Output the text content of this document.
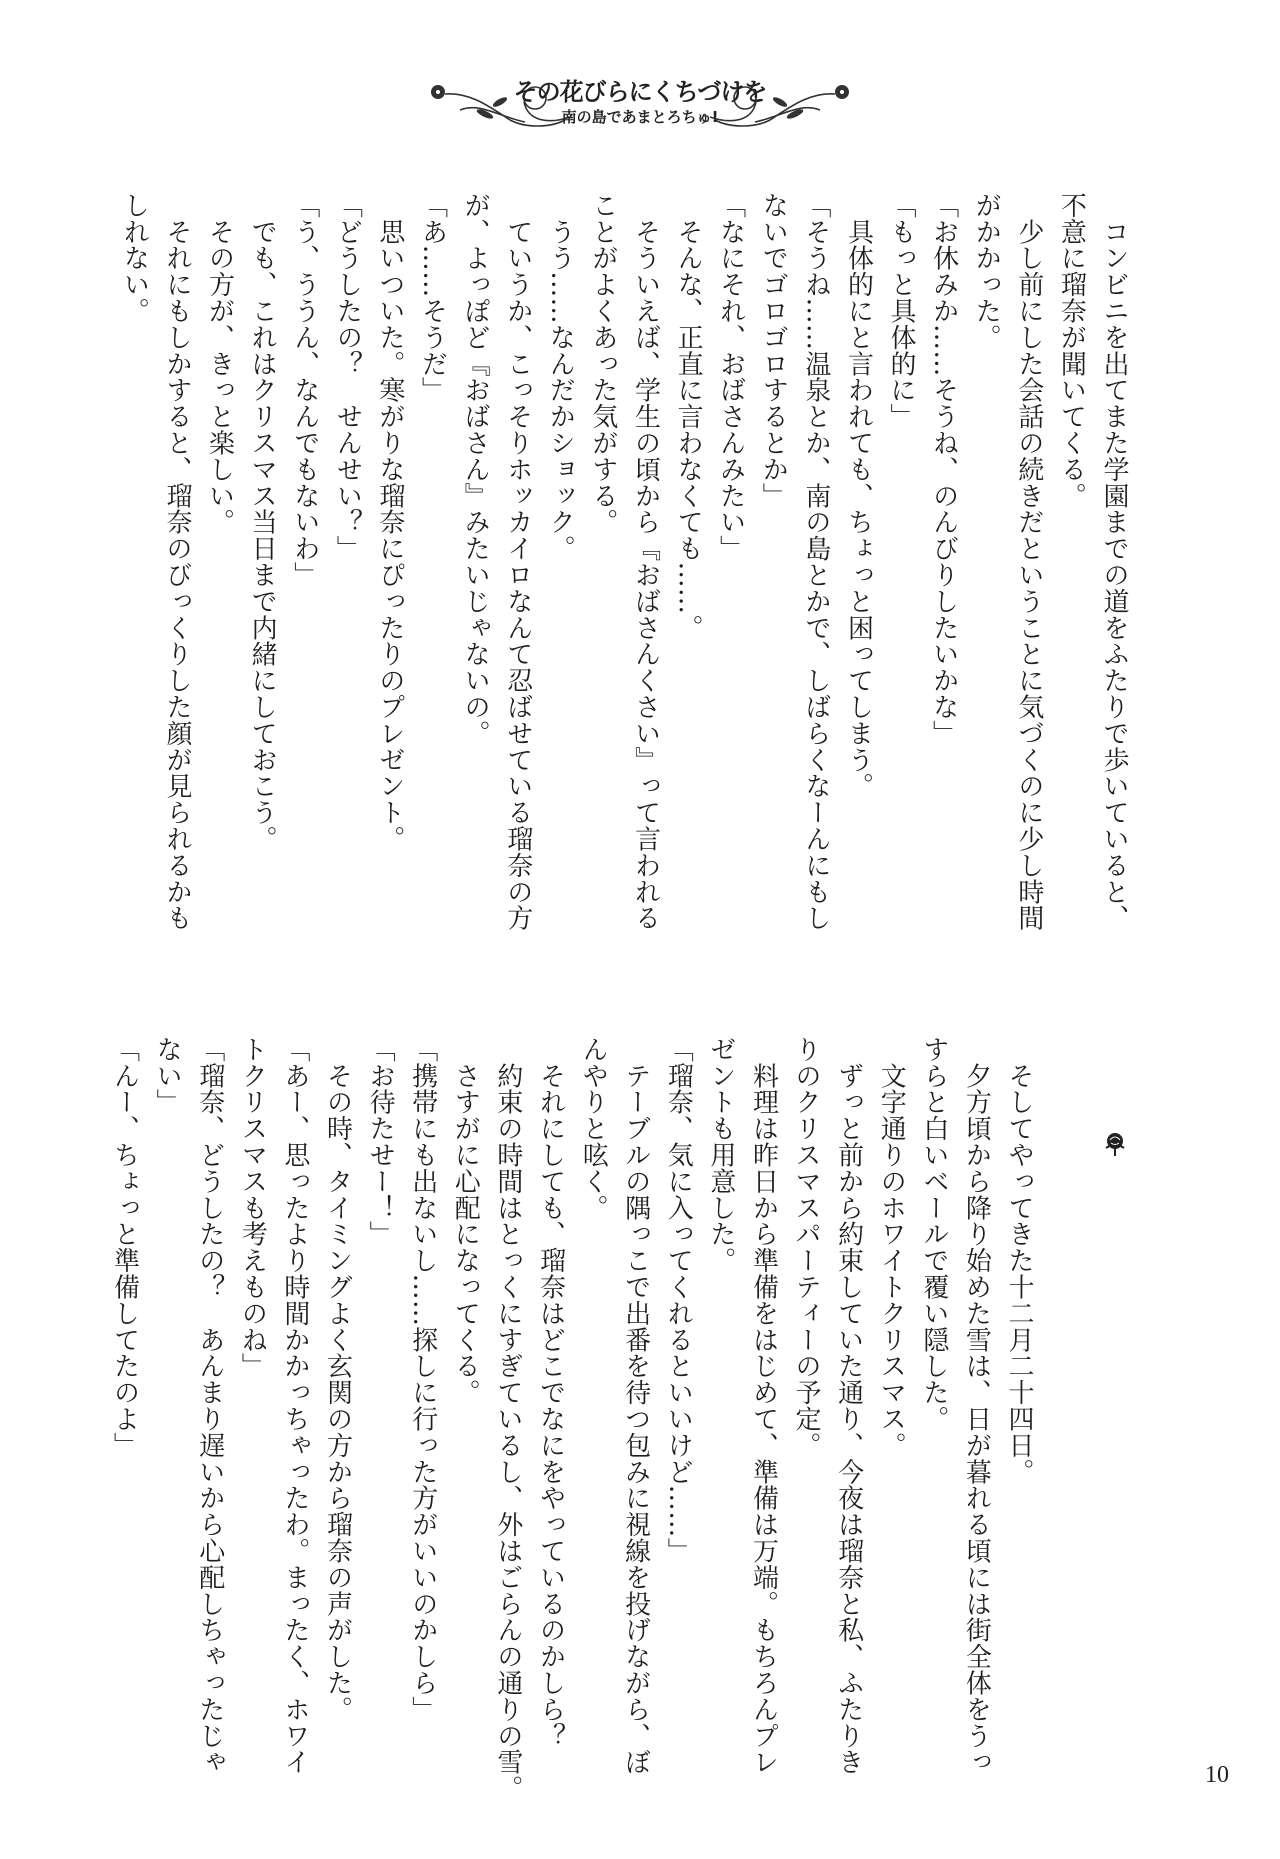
その花びらにくちづけを
南の島であまとろちゅ!
　コンビニを出てまた学園までの道をふたりで歩いていると、
不意に瑠奈が聞いてくる。
　少し前にした会話の続きだということに気づくのに少し時間
がかかった。
「お休みか……そうね、のんびりしたいかな」
「もっと具体的に」
　具体的にと言われても、ちょっと困ってしまう。
「そうね……温泉とか、南の島とかで、しばらくなーんにもし
ないでゴロゴロするとか」
「なにそれ、おばさんみたい」
　そんな、正直に言わなくても……。
　そういえば、学生の頃から『おばさんくさい』って言われる
ことがよくあった気がする。
　うう……なんだかショック。
　ていうか、こっそりホッカイロなんて忍ばせている瑠奈の方
が、よっぽど『おばさん』みたいじゃないの。
「あ……そうだ」
　思いついた。寒がりな瑠奈にぴったりのプレゼント。
「どうしたの？　せんせい？」
「う、ううん、なんでもないわ」
　でも、これはクリスマス当日まで内緒にしておこう。
　その方が、きっと楽しい。
　それにもしかすると、瑠奈のびっくりした顔が見られるかも
しれない。
　そしてやってきた十二月二十四日。
　夕方頃から降り始めた雪は、日が暮れる頃には街全体をうっ
すらと白いベールで覆い隠した。
　文字通りのホワイトクリスマス。
　ずっと前から約束していた通り、今夜は瑠奈と私、ふたりき
りのクリスマスパーティーの予定。
　料理は昨日から準備をはじめて、準備は万端。もちろんプレ
ゼントも用意した。
「瑠奈、気に入ってくれるといいけど……」
　テーブルの隅っこで出番を待つ包みに視線を投げながら、ぼ
んやりと呟く。
　それにしても、瑠奈はどこでなにをやっているのかしら？
　約束の時間はとっくにすぎているし、外はごらんの通りの雪。
　さすがに心配になってくる。
「携帯にも出ないし……探しに行った方がいいのかしら」
「お待たせー！」
　その時、タイミングよく玄関の方から瑠奈の声がした。
「あー、思ったより時間かかっちゃったわ。まったく、ホワイ
トクリスマスも考えものね」
「瑠奈、どうしたの？　あんまり遅いから心配しちゃったじゃ
ない」
「んー、ちょっと準備してたのよ」
10
